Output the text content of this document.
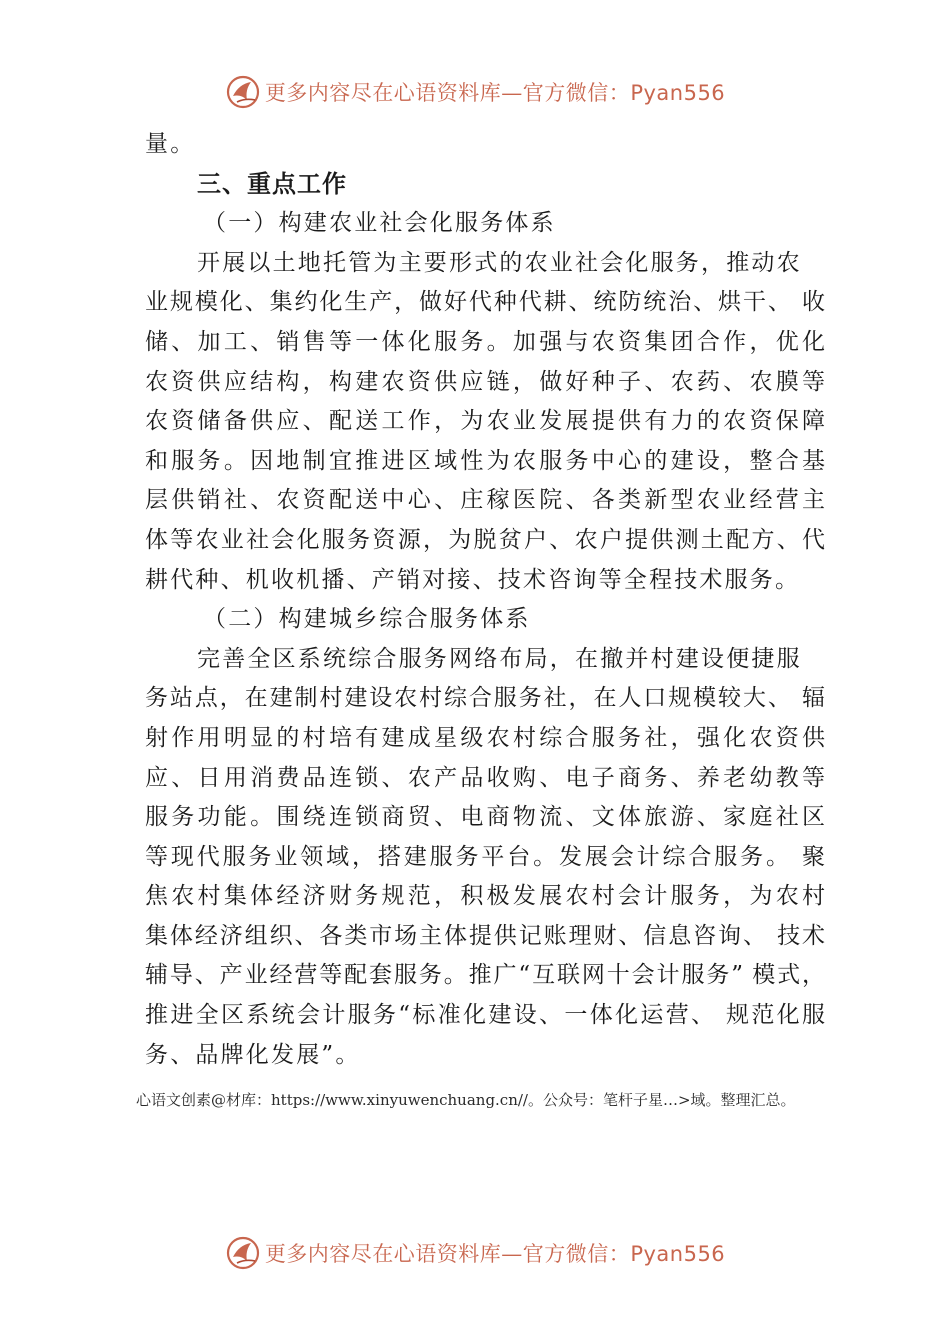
更多内容尽在心语资料库—官方微信：Pyan556
量。
三、重点工作
（一）构建农业社会化服务体系
开展以土地托管为主要形式的农业社会化服务，推动农
业规模化、集约化生产，做好代种代耕、统防统治、烘干、 收
储、加工、销售等一体化服务。加强与农资集团合作，优化
农资供应结构，构建农资供应链，做好种子、农药、农膜等
农资储备供应、配送工作，为农业发展提供有力的农资保障
和服务。因地制宜推进区域性为农服务中心的建设，整合基
层供销社、农资配送中心、庄稼医院、各类新型农业经营主
体等农业社会化服务资源，为脱贫户、农户提供测土配方、代
耕代种、机收机播、产销对接、技术咨询等全程技术服务。
（二）构建城乡综合服务体系
完善全区系统综合服务网络布局，在撤并村建设便捷服
务站点，在建制村建设农村综合服务社，在人口规模较大、 辐
射作用明显的村培有建成星级农村综合服务社，强化农资供
应、日用消费品连锁、农产品收购、电子商务、养老幼教等
服务功能。围绕连锁商贸、电商物流、文体旅游、家庭社区
等现代服务业领域，搭建服务平台。发展会计综合服务。 聚
焦农村集体经济财务规范，积极发展农村会计服务，为农村
集体经济组织、各类市场主体提供记账理财、信息咨询、 技术
辅导、产业经营等配套服务。推广“互联网十会计服务” 模式，
推进全区系统会计服务“标准化建设、一体化运营、 规范化服
务、品牌化发展”。
心语文创素@材库：https://www.xinyuwenchuang.cn//。公众号：笔杆子星…>域。整理汇总。
更多内容尽在心语资料库—官方微信：Pyan556
